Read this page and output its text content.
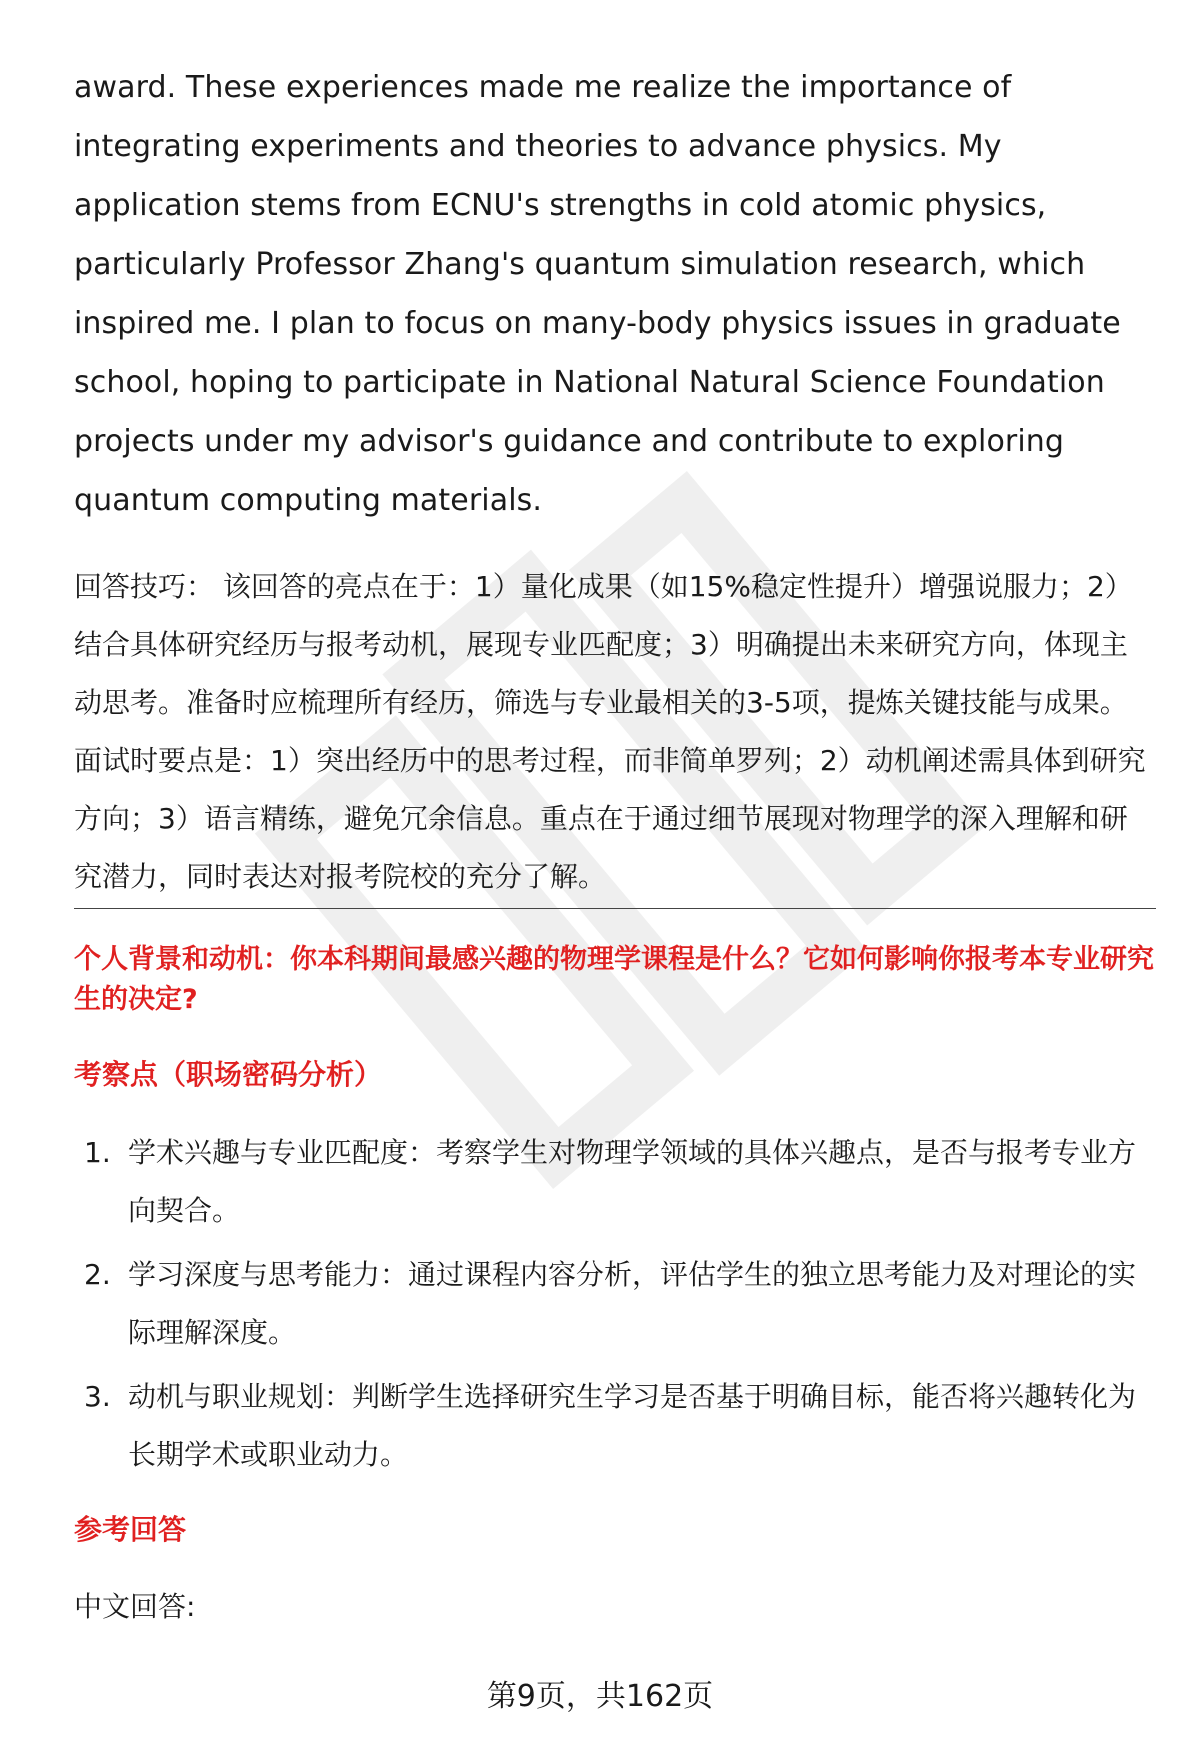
award. These experiences made me realize the importance of integrating experiments and theories to advance physics. My application stems from ECNU's strengths in cold atomic physics, particularly Professor Zhang's quantum simulation research, which inspired me. I plan to focus on many-body physics issues in graduate school, hoping to participate in National Natural Science Foundation projects under my advisor's guidance and contribute to exploring quantum computing materials.

回答技巧： 该回答的亮点在于：1）量化成果（如15%稳定性提升）增强说服力；2）结合具体研究经历与报考动机，展现专业匹配度；3）明确提出未来研究方向，体现主动思考。准备时应梳理所有经历，筛选与专业最相关的3-5项，提炼关键技能与成果。面试时要点是：1）突出经历中的思考过程，而非简单罗列；2）动机阐述需具体到研究方向；3）语言精练，避免冗余信息。重点在于通过细节展现对物理学的深入理解和研究潜力，同时表达对报考院校的充分了解。

个人背景和动机：你本科期间最感兴趣的物理学课程是什么？它如何影响你报考本专业研究生的决定?

考察点（职场密码分析）

1. 学术兴趣与专业匹配度：考察学生对物理学领域的具体兴趣点，是否与报考专业方向契合。
2. 学习深度与思考能力：通过课程内容分析，评估学生的独立思考能力及对理论的实际理解深度。
3. 动机与职业规划：判断学生选择研究生学习是否基于明确目标，能否将兴趣转化为长期学术或职业动力。

参考回答

中文回答:

第9页，共162页
